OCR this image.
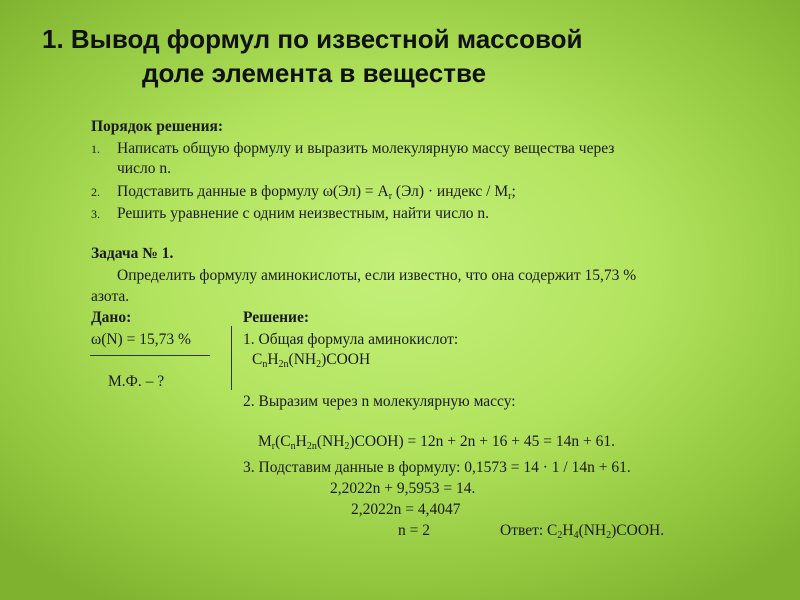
1. Вывод формул по известной массовой
доле элемента в веществе
Порядок решения:
1. Написать общую формулу и выразить молекулярную массу вещества через
число n.
2. Подставить данные в формулу $\omega(Эл) = A_r$ (Эл) · индекс / $M_r$;
3. Решить уравнение с одним неизвестным, найти число n.
Задача № 1.
Определить формулу аминокислоты, если известно, что она содержит 15,73 %
азота.
Дано:	Решение:
ω(N) = 15,73 %
М.Ф. – ?
1. Общая формула аминокислот:
$C_nH_{2n}(NH_2)COOH$
2. Выразим через n молекулярную массу:
$M_r(C_nH_{2n}(NH_2)COOH) = 12n + 2n + 16 + 45 = 14n + 61$.
3. Подставим данные в формулу: 0,1573 = 14 · 1 / 14n + 61.
2,2022n + 9,5953 = 14.
2,2022n = 4,4047
n = 2	Ответ: $C_2H_4(NH_2)COOH$.
